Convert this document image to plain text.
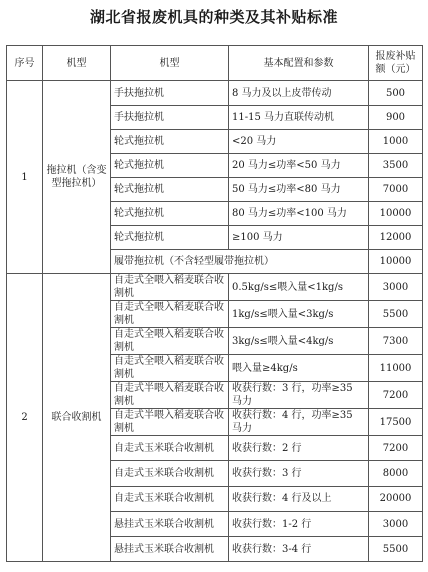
湖北省报废机具的种类及其补贴标准
序号	机型	机型	基本配置和参数	报废补贴额（元）
1	拖拉机（含变型拖拉机）	手扶拖拉机	8 马力及以上皮带传动	500
		手扶拖拉机	11-15 马力直联传动机	900
		轮式拖拉机	<20 马力	1000
		轮式拖拉机	20 马力≤功率<50 马力	3500
		轮式拖拉机	50 马力≤功率<80 马力	7000
		轮式拖拉机	80 马力≤功率<100 马力	10000
		轮式拖拉机	≥100 马力	12000
		履带拖拉机（不含轻型履带拖拉机）		10000
2	联合收割机	自走式全喂入稻麦联合收割机	0.5kg/s≤喂入量<1kg/s	3000
		自走式全喂入稻麦联合收割机	1kg/s≤喂入量<3kg/s	5500
		自走式全喂入稻麦联合收割机	3kg/s≤喂入量<4kg/s	7300
		自走式全喂入稻麦联合收割机	喂入量≥4kg/s	11000
		自走式半喂入稻麦联合收割机	收获行数：3 行，功率≥35 马力	7200
		自走式半喂入稻麦联合收割机	收获行数：4 行，功率≥35 马力	17500
		自走式玉米联合收割机	收获行数：2 行	7200
		自走式玉米联合收割机	收获行数：3 行	8000
		自走式玉米联合收割机	收获行数：4 行及以上	20000
		悬挂式玉米联合收割机	收获行数：1-2 行	3000
		悬挂式玉米联合收割机	收获行数：3-4 行	5500
